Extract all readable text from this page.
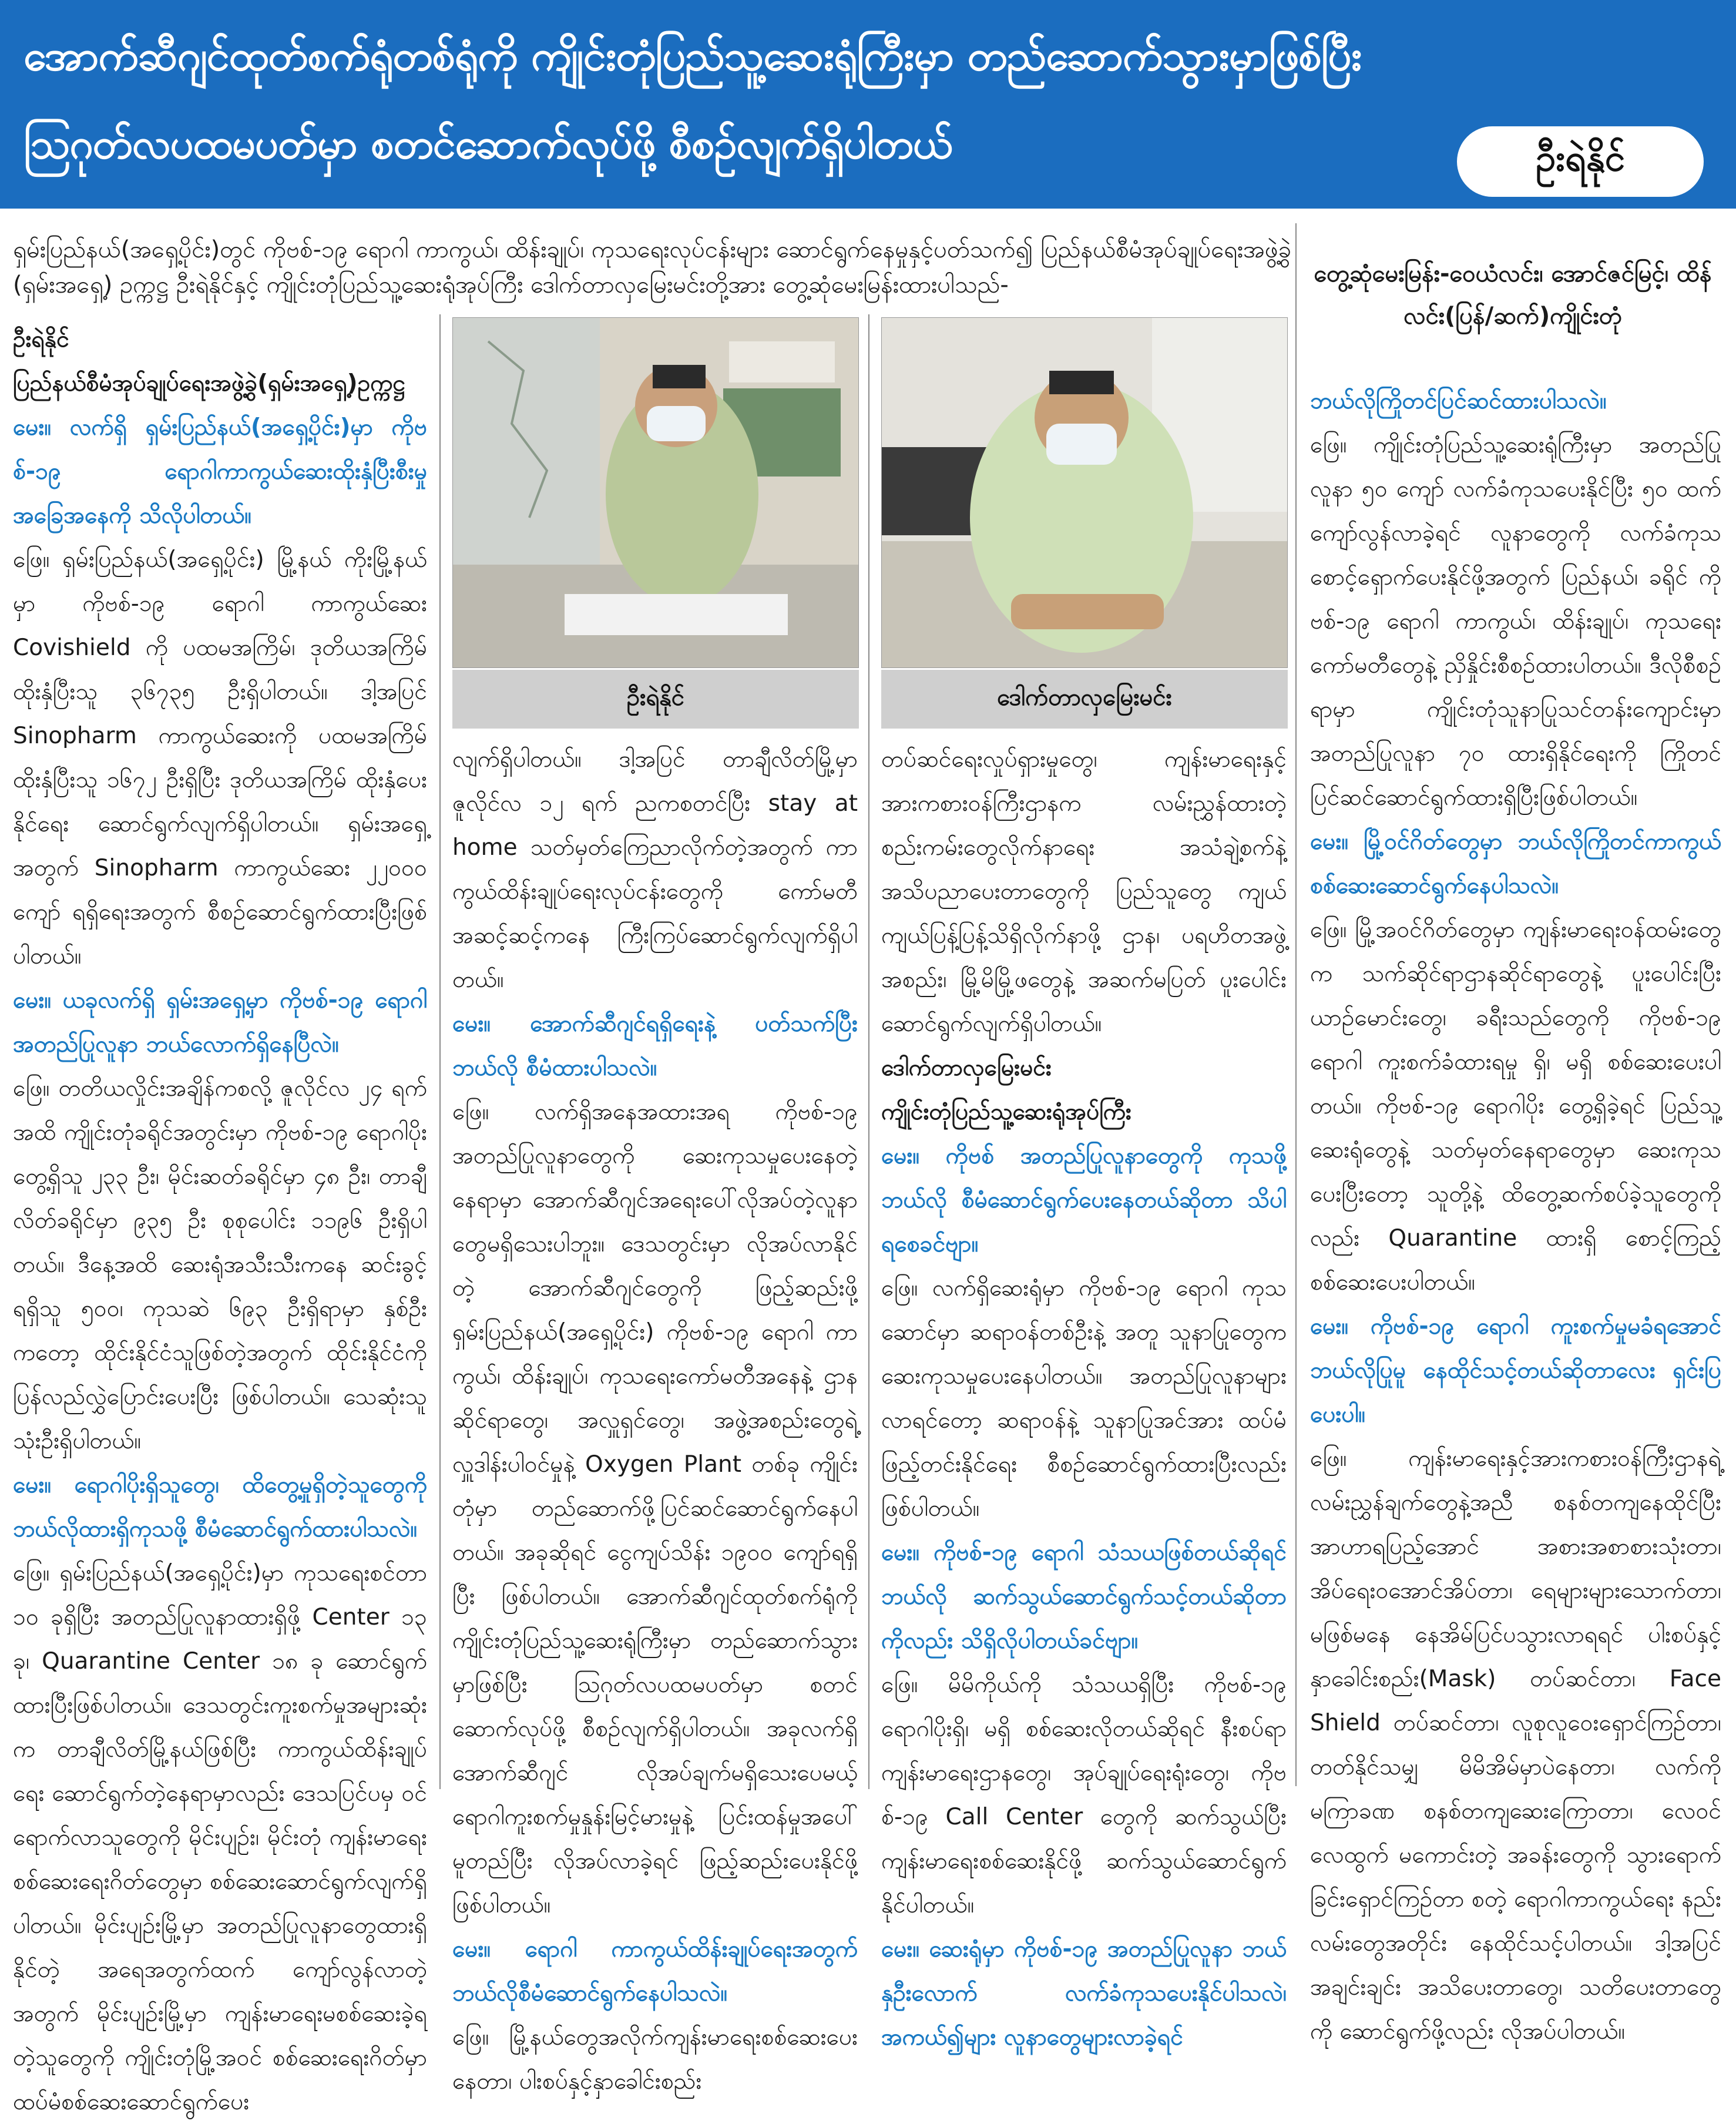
အောက်ဆီဂျင်ထုတ်စက်ရုံတစ်ရုံကို ကျိုင်းတုံပြည်သူ့ဆေးရုံကြီးမှာ တည်ဆောက်သွားမှာဖြစ်ပြီး
ဩဂုတ်လပထမပတ်မှာ စတင်ဆောက်လုပ်ဖို့ စီစဉ်လျက်ရှိပါတယ်	ဦးရဲနိုင်
ရှမ်းပြည်နယ်(အရှေ့ပိုင်း)တွင် ကိုဗစ်-၁၉ ရောဂါ ကာကွယ်၊ ထိန်းချုပ်၊ ကုသရေးလုပ်ငန်းများ ဆောင်ရွက်နေမှုနှင့်ပတ်သက်၍ ပြည်နယ်စီမံအုပ်ချုပ်ရေးအဖွဲ့ခွဲ (ရှမ်းအရှေ့) ဥက္ကဋ္ဌ ဦးရဲနိုင်နှင့် ကျိုင်းတုံပြည်သူ့ဆေးရုံအုပ်ကြီး ဒေါက်တာလှမြေးမင်းတို့အား တွေ့ဆုံမေးမြန်းထားပါသည်-	တွေ့ဆုံမေးမြန်း-ဝေယံလင်း၊ အောင်ဇင်မြင့်၊ ထိန်လင်း(ပြန်/ဆက်)ကျိုင်းတုံ

ဦးရဲနိုင်

ပြည်နယ်စီမံအုပ်ချုပ်ရေးအဖွဲ့ခွဲ(ရှမ်းအရှေ့)ဥက္ကဋ္ဌ

မေး။ လက်ရှိ ရှမ်းပြည်နယ်(အရှေ့ပိုင်း)မှာ ကိုဗစ်-၁၉ ရောဂါကာကွယ်ဆေးထိုးနှံပြီးစီးမှုအခြေအနေကို သိလိုပါတယ်။

ဖြေ။ ရှမ်းပြည်နယ်(အရှေ့ပိုင်း) မြို့နယ် ကိုးမြို့နယ်မှာ ကိုဗစ်-၁၉ ရောဂါ ကာကွယ်ဆေး Covishield ကို ပထမအကြိမ်၊ ဒုတိယအကြိမ် ထိုးနှံပြီးသူ ၃၆၇၃၅ ဦးရှိပါတယ်။ ဒါ့အပြင် Sinopharm ကာကွယ်ဆေးကို ပထမအကြိမ် ထိုးနှံပြီးသူ ၁၆၇၂ ဦးရှိပြီး ဒုတိယအကြိမ် ထိုးနှံပေးနိုင်ရေး ဆောင်ရွက်လျက်ရှိပါတယ်။ ရှမ်းအရှေ့အတွက် Sinopharm ကာကွယ်ဆေး ၂၂၀၀၀ ကျော် ရရှိရေးအတွက် စီစဉ်ဆောင်ရွက်ထားပြီးဖြစ်ပါတယ်။

မေး။ ယခုလက်ရှိ ရှမ်းအရှေ့မှာ ကိုဗစ်-၁၉ ရောဂါအတည်ပြုလူနာ ဘယ်လောက်ရှိနေပြီလဲ။

ဖြေ။ တတိယလှိုင်းအချိန်ကစလို့ ဇူလိုင်လ ၂၄ ရက်အထိ ကျိုင်းတုံခရိုင်အတွင်းမှာ ကိုဗစ်-၁၉ ရောဂါပိုးတွေ့ရှိသူ ၂၃၃ ဦး၊ မိုင်းဆတ်ခရိုင်မှာ ၄၈ ဦး၊ တာချီလိတ်ခရိုင်မှာ ၉၃၅ ဦး စုစုပေါင်း ၁၁၉၆ ဦးရှိပါတယ်။ ဒီနေ့အထိ ဆေးရုံအသီးသီးကနေ ဆင်းခွင့်ရရှိသူ ၅၀၀၊ ကုသဆဲ ၆၉၃ ဦးရှိရာမှာ နှစ်ဦးကတော့ ထိုင်းနိုင်ငံသူဖြစ်တဲ့အတွက် ထိုင်းနိုင်ငံကို ပြန်လည်လွှဲပြောင်းပေးပြီး ဖြစ်ပါတယ်။ သေဆုံးသူသုံးဦးရှိပါတယ်။

မေး။ ရောဂါပိုးရှိသူတွေ၊ ထိတွေ့မှုရှိတဲ့သူတွေကို ဘယ်လိုထားရှိကုသဖို့ စီမံဆောင်ရွက်ထားပါသလဲ။

ဖြေ။ ရှမ်းပြည်နယ်(အရှေ့ပိုင်း)မှာ ကုသရေးစင်တာ ၁၀ ခုရှိပြီး အတည်ပြုလူနာထားရှိဖို့ Center ၁၃ ခု၊ Quarantine Center ၁၈ ခု ဆောင်ရွက်ထားပြီးဖြစ်ပါတယ်။ ဒေသတွင်းကူးစက်မှုအများဆုံးက တာချီလိတ်မြို့နယ်ဖြစ်ပြီး ကာကွယ်ထိန်းချုပ်ရေး ဆောင်ရွက်တဲ့နေရာမှာလည်း ဒေသပြင်ပမှ ဝင်ရောက်လာသူတွေကို မိုင်းပျဉ်း၊ မိုင်းတုံ ကျန်းမာရေးစစ်ဆေးရေးဂိတ်တွေမှာ စစ်ဆေးဆောင်ရွက်လျက်ရှိပါတယ်။ မိုင်းပျဉ်းမြို့မှာ အတည်ပြုလူနာတွေထားရှိနိုင်တဲ့ အရေအတွက်ထက် ကျော်လွန်လာတဲ့အတွက် မိုင်းပျဉ်းမြို့မှာ ကျန်းမာရေးမစစ်ဆေးခဲ့ရတဲ့သူတွေကို ကျိုင်းတုံမြို့အဝင် စစ်ဆေးရေးဂိတ်မှာ ထပ်မံစစ်ဆေးဆောင်ရွက်ပေး

ဦးရဲနိုင်	ဒေါက်တာလှမြေးမင်း

လျက်ရှိပါတယ်။ ဒါ့အပြင် တာချီလိတ်မြို့မှာ ဇူလိုင်လ ၁၂ ရက် ညကစတင်ပြီး stay at home သတ်မှတ်ကြေညာလိုက်တဲ့အတွက် ကာကွယ်ထိန်းချုပ်ရေးလုပ်ငန်းတွေကို ကော်မတီအဆင့်ဆင့်ကနေ ကြီးကြပ်ဆောင်ရွက်လျက်ရှိပါတယ်။

မေး။ အောက်ဆီဂျင်ရရှိရေးနဲ့ ပတ်သက်ပြီး ဘယ်လို စီမံထားပါသလဲ။

ဖြေ။ လက်ရှိအနေအထားအရ ကိုဗစ်-၁၉ အတည်ပြုလူနာတွေကို ဆေးကုသမှုပေးနေတဲ့နေရာမှာ အောက်ဆီဂျင်အရေးပေါ်လိုအပ်တဲ့လူနာတွေမရှိသေးပါဘူး။ ဒေသတွင်းမှာ လိုအပ်လာနိုင်တဲ့ အောက်ဆီဂျင်တွေကို ဖြည့်ဆည်းဖို့ ရှမ်းပြည်နယ်(အရှေ့ပိုင်း) ကိုဗစ်-၁၉ ရောဂါ ကာကွယ်၊ ထိန်းချုပ်၊ ကုသရေးကော်မတီအနေနဲ့ ဌာနဆိုင်ရာတွေ၊ အလှူရှင်တွေ၊ အဖွဲ့အစည်းတွေရဲ့ လှူဒါန်းပါဝင်မှုနဲ့ Oxygen Plant တစ်ခု ကျိုင်းတုံမှာ တည်ဆောက်ဖို့ပြင်ဆင်ဆောင်ရွက်နေပါတယ်။ အခုဆိုရင် ငွေကျပ်သိန်း ၁၉၀၀ ကျော်ရရှိပြီး ဖြစ်ပါတယ်။ အောက်ဆီဂျင်ထုတ်စက်ရုံကို ကျိုင်းတုံပြည်သူ့ဆေးရုံကြီးမှာ တည်ဆောက်သွားမှာဖြစ်ပြီး ဩဂုတ်လပထမပတ်မှာ စတင်ဆောက်လုပ်ဖို့ စီစဉ်လျက်ရှိပါတယ်။ အခုလက်ရှိ အောက်ဆီဂျင် လိုအပ်ချက်မရှိသေးပေမယ့် ရောဂါကူးစက်မှုနှုန်းမြင့်မားမှုနဲ့ ပြင်းထန်မှုအပေါ် မူတည်ပြီး လိုအပ်လာခဲ့ရင် ဖြည့်ဆည်းပေးနိုင်ဖို့ ဖြစ်ပါတယ်။

မေး။ ရောဂါ ကာကွယ်ထိန်းချုပ်ရေးအတွက် ဘယ်လိုစီမံဆောင်ရွက်နေပါသလဲ။

ဖြေ။ မြို့နယ်တွေအလိုက်ကျန်းမာရေးစစ်ဆေးပေးနေတာ၊ ပါးစပ်နှင့်နှာခေါင်းစည်း

တပ်ဆင်ရေးလှုပ်ရှားမှုတွေ၊ ကျန်းမာရေးနှင့်အားကစားဝန်ကြီးဌာနက လမ်းညွှန်ထားတဲ့စည်းကမ်းတွေလိုက်နာရေး အသံချဲ့စက်နဲ့အသိပညာပေးတာတွေကို ပြည်သူတွေ ကျယ်ကျယ်ပြန့်ပြန့်သိရှိလိုက်နာဖို့ ဌာန၊ ပရဟိတအဖွဲ့အစည်း၊ မြို့မိမြို့ဖတွေနဲ့ အဆက်မပြတ် ပူးပေါင်းဆောင်ရွက်လျက်ရှိပါတယ်။

ဒေါက်တာလှမြေးမင်း

ကျိုင်းတုံပြည်သူ့ဆေးရုံအုပ်ကြီး

မေး။ ကိုဗစ် အတည်ပြုလူနာတွေကို ကုသဖို့ ဘယ်လို စီမံဆောင်ရွက်ပေးနေတယ်ဆိုတာ သိပါရစေခင်ဗျာ။

ဖြေ။ လက်ရှိဆေးရုံမှာ ကိုဗစ်-၁၉ ရောဂါ ကုသဆောင်မှာ ဆရာဝန်တစ်ဦးနဲ့ အတူ သူနာပြုတွေက ဆေးကုသမှုပေးနေပါတယ်။ အတည်ပြုလူနာများလာရင်တော့ ဆရာဝန်နဲ့ သူနာပြုအင်အား ထပ်မံဖြည့်တင်းနိုင်ရေး စီစဉ်ဆောင်ရွက်ထားပြီးလည်း ဖြစ်ပါတယ်။

မေး။ ကိုဗစ်-၁၉ ရောဂါ သံသယဖြစ်တယ်ဆိုရင် ဘယ်လို ဆက်သွယ်ဆောင်ရွက်သင့်တယ်ဆိုတာကိုလည်း သိရှိလိုပါတယ်ခင်ဗျာ။

ဖြေ။ မိမိကိုယ်ကို သံသယရှိပြီး ကိုဗစ်-၁၉ ရောဂါပိုးရှိ၊ မရှိ စစ်ဆေးလိုတယ်ဆိုရင် နီးစပ်ရာ ကျန်းမာရေးဌာနတွေ၊ အုပ်ချုပ်ရေးရုံးတွေ၊ ကိုဗစ်-၁၉ Call Center တွေကို ဆက်သွယ်ပြီး ကျန်းမာရေးစစ်ဆေးနိုင်ဖို့ ဆက်သွယ်ဆောင်ရွက်နိုင်ပါတယ်။

မေး။ ဆေးရုံမှာ ကိုဗစ်-၁၉ အတည်ပြုလူနာ ဘယ်နှဦးလောက် လက်ခံကုသပေးနိုင်ပါသလဲ၊ အကယ်၍များ လူနာတွေများလာခဲ့ရင်

ဘယ်လိုကြိုတင်ပြင်ဆင်ထားပါသလဲ။

ဖြေ။ ကျိုင်းတုံပြည်သူ့ဆေးရုံကြီးမှာ အတည်ပြုလူနာ ၅၀ ကျော် လက်ခံကုသပေးနိုင်ပြီး ၅၀ ထက် ကျော်လွန်လာခဲ့ရင် လူနာတွေကို လက်ခံကုသ စောင့်ရှောက်ပေးနိုင်ဖို့အတွက် ပြည်နယ်၊ ခရိုင် ကိုဗစ်-၁၉ ရောဂါ ကာကွယ်၊ ထိန်းချုပ်၊ ကုသရေးကော်မတီတွေနဲ့ ညှိနှိုင်းစီစဉ်ထားပါတယ်။ ဒီလိုစီစဉ်ရာမှာ ကျိုင်းတုံသူနာပြုသင်တန်းကျောင်းမှာ အတည်ပြုလူနာ ၇၀ ထားရှိနိုင်ရေးကို ကြိုတင်ပြင်ဆင်ဆောင်ရွက်ထားရှိပြီးဖြစ်ပါတယ်။

မေး။ မြို့ဝင်ဂိတ်တွေမှာ ဘယ်လိုကြိုတင်ကာကွယ် စစ်ဆေးဆောင်ရွက်နေပါသလဲ။

ဖြေ။ မြို့အဝင်ဂိတ်တွေမှာ ကျန်းမာရေးဝန်ထမ်းတွေက သက်ဆိုင်ရာဌာနဆိုင်ရာတွေနဲ့ ပူးပေါင်းပြီး ယာဉ်မောင်းတွေ၊ ခရီးသည်တွေကို ကိုဗစ်-၁၉ ရောဂါ ကူးစက်ခံထားရမှု ရှိ၊ မရှိ စစ်ဆေးပေးပါတယ်။ ကိုဗစ်-၁၉ ရောဂါပိုး တွေ့ရှိခဲ့ရင် ပြည်သူ့ဆေးရုံတွေနဲ့ သတ်မှတ်နေရာတွေမှာ ဆေးကုသပေးပြီးတော့ သူတို့နဲ့ ထိတွေ့ဆက်စပ်ခဲ့သူတွေကိုလည်း Quarantine ထားရှိ စောင့်ကြည့်စစ်ဆေးပေးပါတယ်။

မေး။ ကိုဗစ်-၁၉ ရောဂါ ကူးစက်မှုမခံရအောင် ဘယ်လိုပြုမူ နေထိုင်သင့်တယ်ဆိုတာလေး ရှင်းပြပေးပါ။

ဖြေ။ ကျန်းမာရေးနှင့်အားကစားဝန်ကြီးဌာနရဲ့ လမ်းညွှန်ချက်တွေနဲ့အညီ စနစ်တကျနေထိုင်ပြီး အာဟာရပြည့်အောင် အစားအစာစားသုံးတာ၊ အိပ်ရေးဝအောင်အိပ်တာ၊ ရေများများသောက်တာ၊ မဖြစ်မနေ နေအိမ်ပြင်ပသွားလာရရင် ပါးစပ်နှင့်နှာခေါင်းစည်း(Mask) တပ်ဆင်တာ၊ Face Shield တပ်ဆင်တာ၊ လူစုလူဝေးရှောင်ကြဉ်တာ၊ တတ်နိုင်သမျှ မိမိအိမ်မှာပဲနေတာ၊ လက်ကို မကြာခဏ စနစ်တကျဆေးကြောတာ၊ လေဝင်လေထွက် မကောင်းတဲ့ အခန်းတွေကို သွားရောက်ခြင်းရှောင်ကြဉ်တာ စတဲ့ ရောဂါကာကွယ်ရေး နည်းလမ်းတွေအတိုင်း နေထိုင်သင့်ပါတယ်။ ဒါ့အပြင် အချင်းချင်း အသိပေးတာတွေ၊ သတိပေးတာတွေကို ဆောင်ရွက်ဖို့လည်း လိုအပ်ပါတယ်။
